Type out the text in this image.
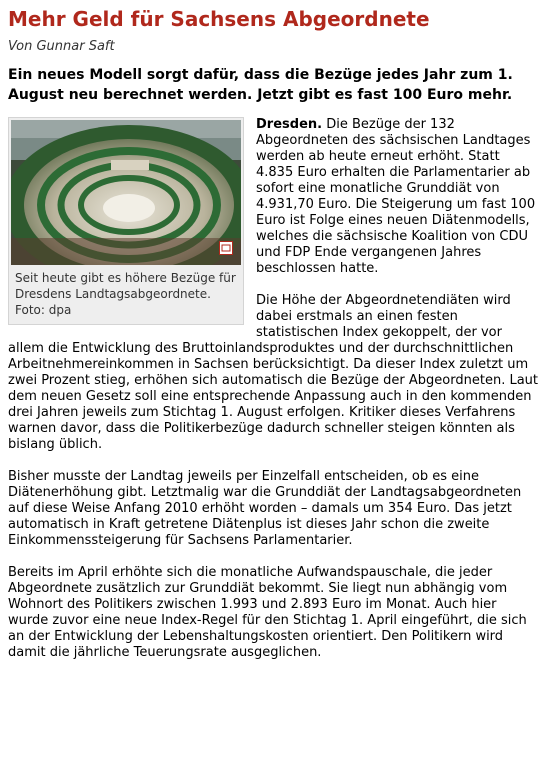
Mehr Geld für Sachsens Abgeordnete
Von Gunnar Saft
Ein neues Modell sorgt dafür, dass die Bezüge jedes Jahr zum 1. August neu berechnet werden. Jetzt gibt es fast 100 Euro mehr.
Seit heute gibt es höhere Bezüge für Dresdens Landtagsabgeordnete. Foto: dpa

Dresden. Die Bezüge der 132 Abgeordneten des sächsischen Landtages werden ab heute erneut erhöht. Statt 4.835 Euro erhalten die Parlamentarier ab sofort eine monatliche Grunddiät von 4.931,70 Euro. Die Steigerung um fast 100 Euro ist Folge eines neuen Diätenmodells, welches die sächsische Koalition von CDU und FDP Ende vergangenen Jahres beschlossen hatte.

Die Höhe der Abgeordnetendiäten wird dabei erstmals an einen festen statistischen Index gekoppelt, der vor allem die Entwicklung des Bruttoinlandsproduktes und der durchschnittlichen Arbeitnehmereinkommen in Sachsen berücksichtigt. Da dieser Index zuletzt um zwei Prozent stieg, erhöhen sich automatisch die Bezüge der Abgeordneten. Laut dem neuen Gesetz soll eine entsprechende Anpassung auch in den kommenden drei Jahren jeweils zum Stichtag 1. August erfolgen. Kritiker dieses Verfahrens warnen davor, dass die Politikerbezüge dadurch schneller steigen könnten als bislang üblich.

Bisher musste der Landtag jeweils per Einzelfall entscheiden, ob es eine Diätenerhöhung gibt. Letztmalig war die Grunddiät der Landtagsabgeordneten auf diese Weise Anfang 2010 erhöht worden – damals um 354 Euro. Das jetzt automatisch in Kraft getretene Diätenplus ist dieses Jahr schon die zweite Einkommenssteigerung für Sachsens Parlamentarier.

Bereits im April erhöhte sich die monatliche Aufwandspauschale, die jeder Abgeordnete zusätzlich zur Grunddiät bekommt. Sie liegt nun abhängig vom Wohnort des Politikers zwischen 1.993 und 2.893 Euro im Monat. Auch hier wurde zuvor eine neue Index-Regel für den Stichtag 1. April eingeführt, die sich an der Entwicklung der Lebenshaltungskosten orientiert. Den Politikern wird damit die jährliche Teuerungsrate ausgeglichen.
